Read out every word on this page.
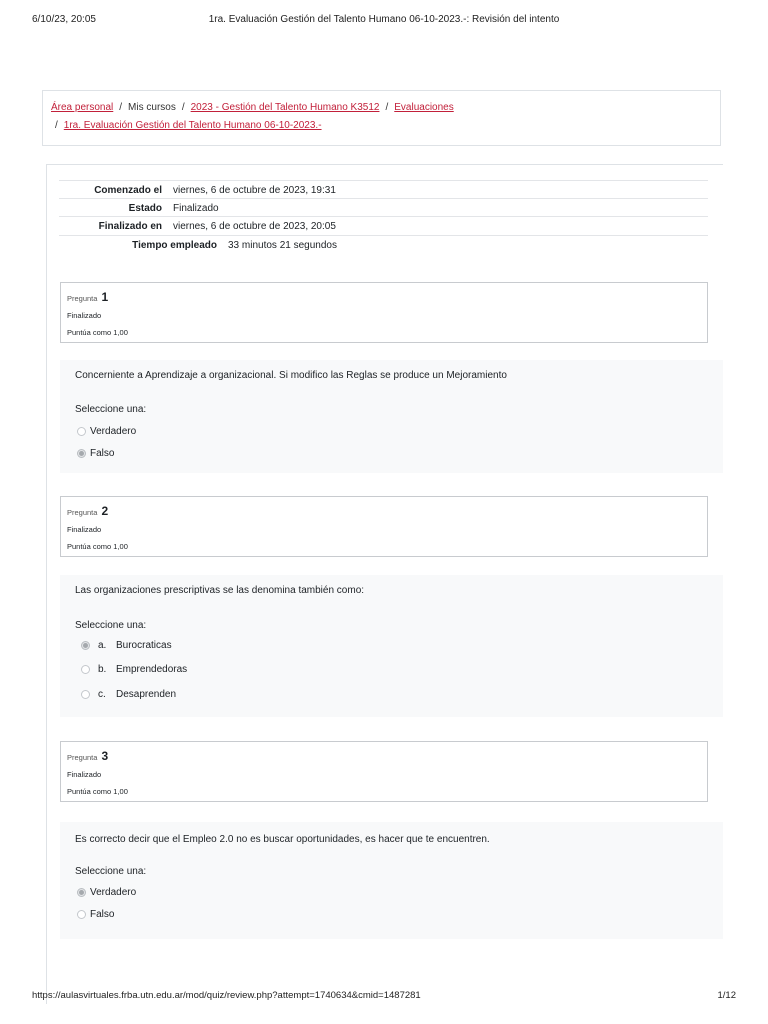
6/10/23, 20:05	1ra. Evaluación Gestión del Talento Humano 06-10-2023.-: Revisión del intento
Área personal / Mis cursos / 2023 - Gestión del Talento Humano K3512 / Evaluaciones
/ 1ra. Evaluación Gestión del Talento Humano 06-10-2023.-
Comenzado el	viernes, 6 de octubre de 2023, 19:31
Estado	Finalizado
Finalizado en	viernes, 6 de octubre de 2023, 20:05
Tiempo empleado	33 minutos 21 segundos
Pregunta 1
Finalizado
Puntúa como 1,00
Concerniente a Aprendizaje a organizacional. Si modifico las Reglas se produce un Mejoramiento
Seleccione una:
Verdadero
Falso
Pregunta 2
Finalizado
Puntúa como 1,00
Las organizaciones prescriptivas se las denomina también como:
Seleccione una:
a. Burocraticas
b. Emprendedoras
c.	Desaprenden
Pregunta 3
Finalizado
Puntúa como 1,00
Es correcto decir que el Empleo 2.0 no es buscar oportunidades, es hacer que te encuentren.
Seleccione una:
Verdadero
Falso
https://aulasvirtuales.frba.utn.edu.ar/mod/quiz/review.php?attempt=1740634&cmid=1487281	1/12
